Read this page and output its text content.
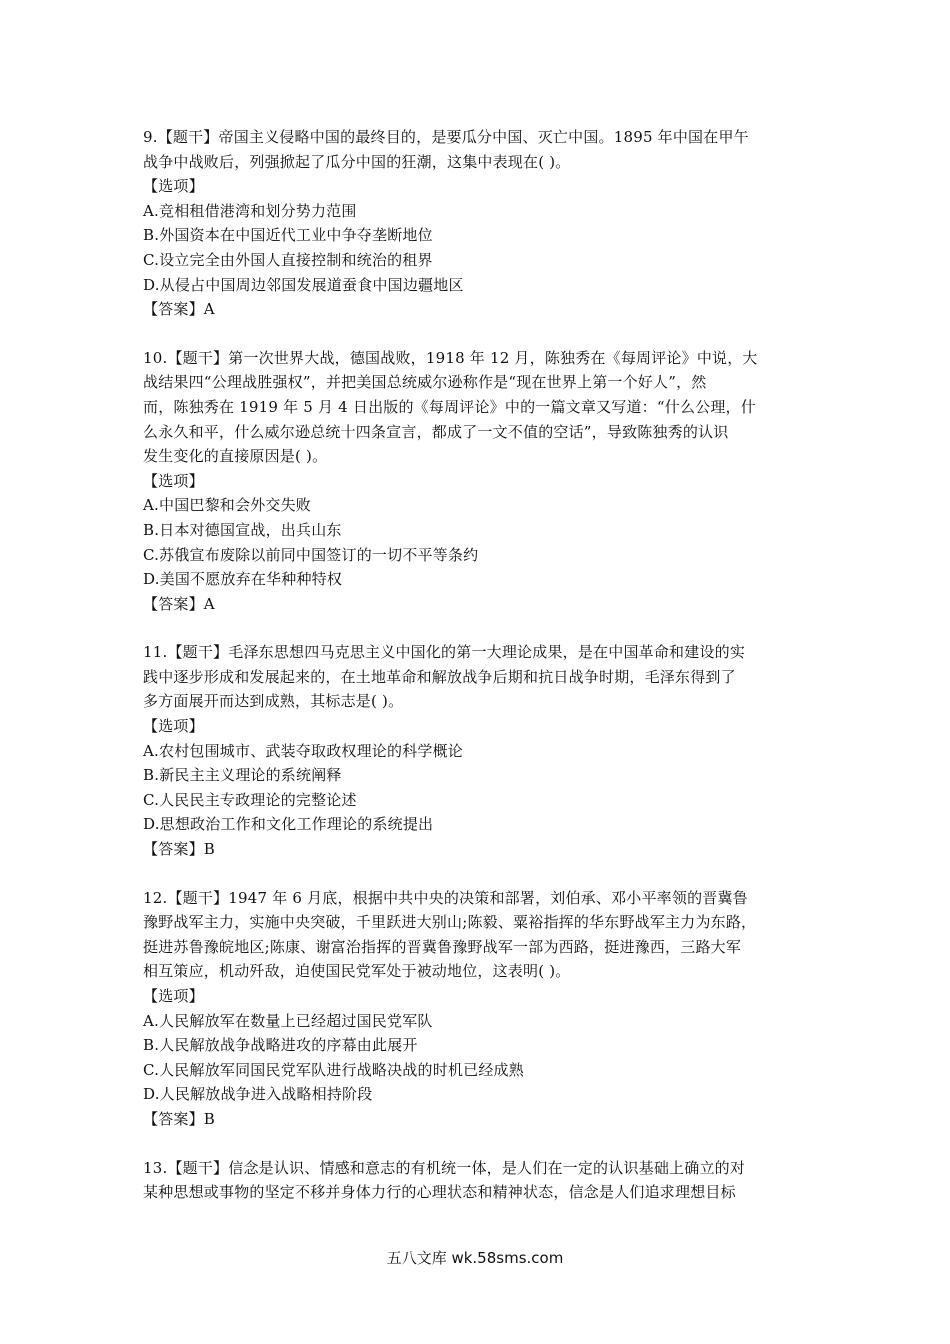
9.【题干】帝国主义侵略中国的最终目的，是要瓜分中国、灭亡中国。1895 年中国在甲午
战争中战败后，列强掀起了瓜分中国的狂潮，这集中表现在( )。
【选项】
A.竞相租借港湾和划分势力范围
B.外国资本在中国近代工业中争夺垄断地位
C.设立完全由外国人直接控制和统治的租界
D.从侵占中国周边邻国发展道蚕食中国边疆地区
【答案】A
10.【题干】第一次世界大战，德国战败，1918 年 12 月，陈独秀在《每周评论》中说，大
战结果四“公理战胜强权”，并把美国总统威尔逊称作是“现在世界上第一个好人”，然
而，陈独秀在 1919 年 5 月 4 日出版的《每周评论》中的一篇文章又写道：“什么公理，什
么永久和平，什么威尔逊总统十四条宣言，都成了一文不值的空话”，导致陈独秀的认识
发生变化的直接原因是( )。
【选项】
A.中国巴黎和会外交失败
B.日本对德国宣战，出兵山东
C.苏俄宣布废除以前同中国签订的一切不平等条约
D.美国不愿放弃在华种种特权
【答案】A
11.【题干】毛泽东思想四马克思主义中国化的第一大理论成果，是在中国革命和建设的实
践中逐步形成和发展起来的，在土地革命和解放战争后期和抗日战争时期，毛泽东得到了
多方面展开而达到成熟，其标志是( )。
【选项】
A.农村包围城市、武装夺取政权理论的科学概论
B.新民主主义理论的系统阐释
C.人民民主专政理论的完整论述
D.思想政治工作和文化工作理论的系统提出
【答案】B
12.【题干】1947 年 6 月底，根据中共中央的决策和部署，刘伯承、邓小平率领的晋冀鲁
豫野战军主力，实施中央突破，千里跃进大别山;陈毅、粟裕指挥的华东野战军主力为东路，
挺进苏鲁豫皖地区;陈康、谢富治指挥的晋冀鲁豫野战军一部为西路，挺进豫西，三路大军
相互策应，机动歼敌，迫使国民党军处于被动地位，这表明( )。
【选项】
A.人民解放军在数量上已经超过国民党军队
B.人民解放战争战略进攻的序幕由此展开
C.人民解放军同国民党军队进行战略决战的时机已经成熟
D.人民解放战争进入战略相持阶段
【答案】B
13.【题干】信念是认识、情感和意志的有机统一体，是人们在一定的认识基础上确立的对
某种思想或事物的坚定不移并身体力行的心理状态和精神状态，信念是人们追求理想目标
五八文库 wk.58sms.com
